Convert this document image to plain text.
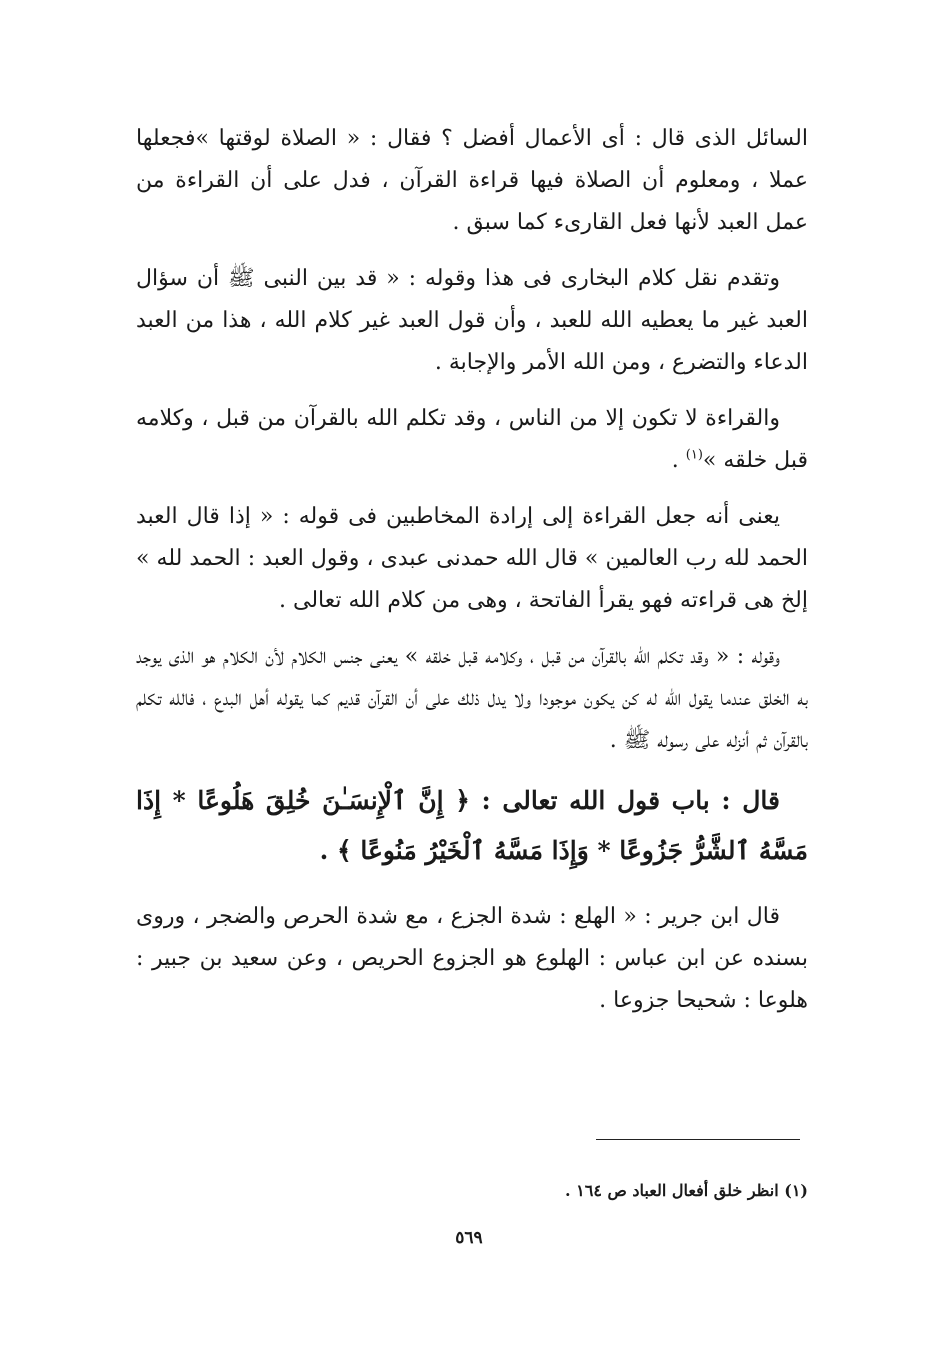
السائل الذى قال : أى الأعمال أفضل ؟ فقال : « الصلاة لوقتها »فجعلها عملا ، ومعلوم أن الصلاة فيها قراءة القرآن ، فدل على أن القراءة من عمل العبد لأنها فعل القارىء كما سبق .

وتقدم نقل كلام البخارى فى هذا وقوله : « قد بين النبى ﷺ أن سؤال العبد غير ما يعطيه الله للعبد ، وأن قول العبد غير كلام الله ، هذا من العبد الدعاء والتضرع ، ومن الله الأمر والإجابة .

والقراءة لا تكون إلا من الناس ، وقد تكلم الله بالقرآن من قبل ، وكلامه قبل خلقه »$^{(١)}$ .

يعنى أنه جعل القراءة إلى إرادة المخاطبين فى قوله : « إذا قال العبد الحمد لله رب العالمين » قال الله حمدنى عبدى ، وقول العبد : الحمد لله » إلخ هى قراءته فهو يقرأ الفاتحة ، وهى من كلام الله تعالى .

وقوله : « وقد تكلم الله بالقرآن من قبل ، وكلامه قبل خلقه » يعنى جنس الكلام لأن الكلام هو الذى يوجد به الخلق عندما يقول الله له كن يكون موجودا ولا يدل ذلك على أن القرآن قديم كما يقوله أهل البدع ، فالله تكلم بالقرآن ثم أنزله على رسوله ﷺ .

قال : باب قول الله تعالى : ﴿ إِنَّ ٱلْإِنسَـٰنَ خُلِقَ هَلُوعًا * إِذَا مَسَّهُ ٱلشَّرُّ جَزُوعًا * وَإِذَا مَسَّهُ ٱلْخَيْرُ مَنُوعًا ﴾ .

قال ابن جرير : « الهلع : شدة الجزع ، مع شدة الحرص والضجر ، وروى بسنده عن ابن عباس : الهلوع هو الجزوع الحريص ، وعن سعيد بن جبير : هلوعا : شحيحا جزوعا .

(١) انظر خلق أفعال العباد ص ١٦٤ .
٥٦٩
